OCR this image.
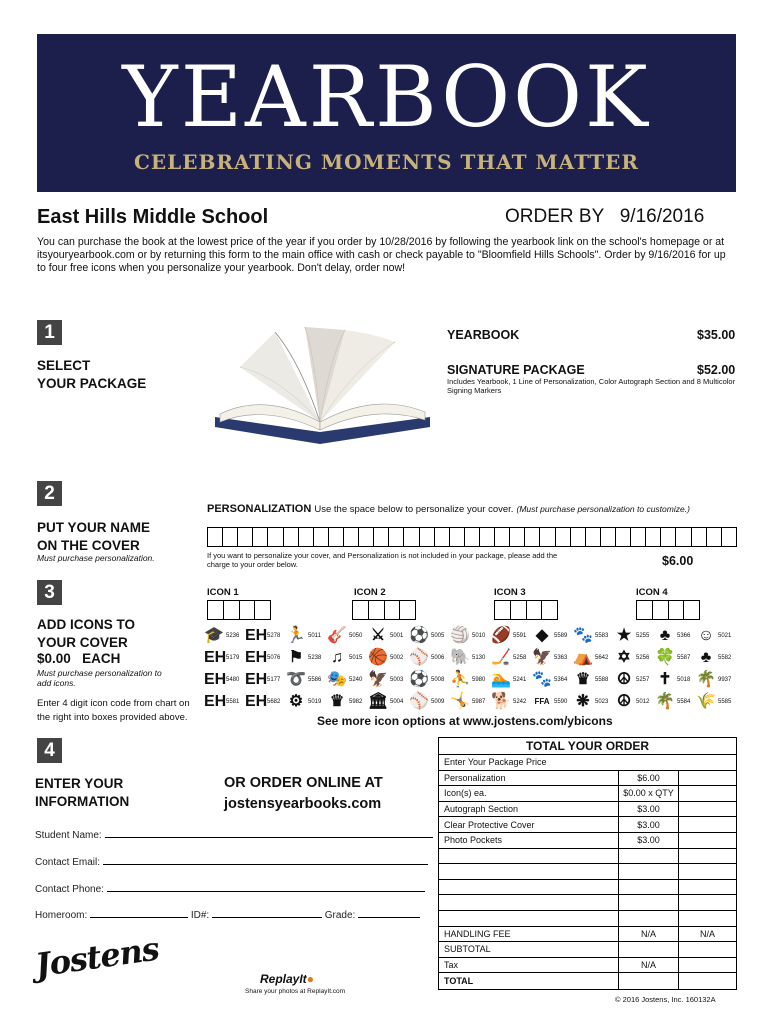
YEARBOOK
CELEBRATING MOMENTS THAT MATTER
East Hills Middle School	ORDER BY   9/16/2016
You can purchase the book at the lowest price of the year if you order by 10/28/2016 by following the yearbook link on the school's homepage or at itsyouryearbook.com or by returning this form to the main office with cash or check payable to "Bloomfield Hills Schools". Order by 9/16/2016 for up to four free icons when you personalize your yearbook. Don't delay, order now!
1
SELECT
YOUR PACKAGE
YEARBOOK	$35.00
SIGNATURE PACKAGE	$52.00
Includes Yearbook, 1 Line of Personalization, Color Autograph Section and 8 Multicolor Signing Markers
2
PUT YOUR NAME
ON THE COVER
Must purchase personalization.
PERSONALIZATION Use the space below to personalize your cover. (Must purchase personalization to customize.)
If you want to personalize your cover, and Personalization is not included in your package, please add the charge to your order below.	$6.00
3
ADD ICONS TO
YOUR COVER
$0.00 EACH
Must purchase personalization to add icons.
Enter 4 digit icon code from chart on the right into boxes provided above.
ICON 1	ICON 2	ICON 3	ICON 4
🎓 5236 EH 5278 🏃 5011 🎸 5050 ⚔ 5001 ⚽ 5005 🏐 5010 🏈 5591 ◆ 5589 🐾 5583 ★ 5255 ♣	5366 ☺ 5021
EH 5179 EH 5076 ⚑ 5238 ♫	5015 🏀 5002 ⚾ 5006 🐘 5130 🏒 5258 🦅 5363 ⛺ 5642 ✡ 5256 🍀 5587 ♣	5582
EH 5480 EH 5177 ➰ 5586 🎭 5240 🦅 5003 ⚽ 5008 ⛹ 5980 🏊 5241 🐾 5364 ♛ 5588 ☮ 5257 ✝ 5018 🌴 9937
EH 5581 EH 5682 ⚙ 5019 ♛ 5982 🏛 5004 ⚾ 5009 🤸 5987 🐕 5242	FFA 5590 ❋ 5023 ☮ 5012 🌴 5584 🌾 5585
See more icon options at www.jostens.com/ybicons
4
ENTER YOUR
INFORMATION
OR ORDER ONLINE AT
jostensyearbooks.com
Student Name:
Contact Email:
Contact Phone:
Homeroom:	ID#:	Grade:
TOTAL YOUR ORDER
Enter Your Package Price
Personalization	$6.00
Icon(s) ea.	$0.00 x QTY
Autograph Section	$3.00
Clear Protective Cover	$3.00
Photo Pockets	$3.00
HANDLING FEE	N/A	N/A
SUBTOTAL
Tax	N/A
TOTAL
Jostens	ReplayIt●
Share your photos at ReplayIt.com
© 2016 Jostens, Inc. 160132A
